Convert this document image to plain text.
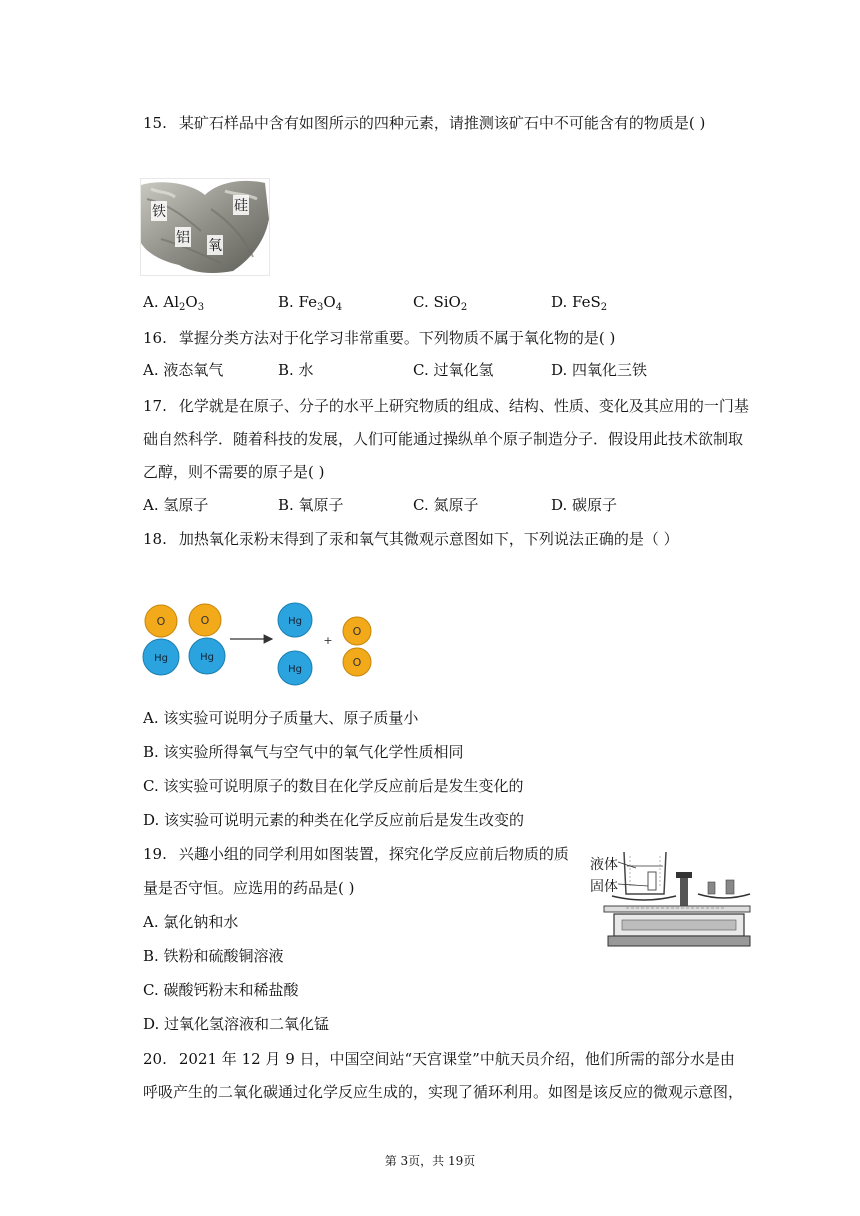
15. 某矿石样品中含有如图所示的四种元素，请推测该矿石中不可能含有的物质是( )
铁	硅
铝 氧
A. $Al_2O_3$	B. $Fe_3O_4$	C. SiO$_2$	D. FeS$_2$
16. 掌握分类方法对于化学习非常重要。下列物质不属于氧化物的是( )
A. 液态氧气	B. 水	C. 过氧化氢	D. 四氧化三铁
17. 化学就是在原子、分子的水平上研究物质的组成、结构、性质、变化及其应用的一门基
础自然科学．随着科技的发展，人们可能通过操纵单个原子制造分子．假设用此技术欲制取
乙醇，则不需要的原子是( )
A. 氢原子	B. 氧原子	C. 氮原子	D. 碳原子
18. 加热氧化汞粉末得到了汞和氧气其微观示意图如下，下列说法正确的是（ ）
O
Hg
O
Hg
Hg
Hg
+
O
O
A. 该实验可说明分子质量大、原子质量小
B. 该实验所得氧气与空气中的氧气化学性质相同
C. 该实验可说明原子的数目在化学反应前后是发生变化的
D. 该实验可说明元素的种类在化学反应前后是发生改变的
19. 兴趣小组的同学利用如图装置，探究化学反应前后物质的质
量是否守恒。应选用的药品是( )
液体
固体
A. 氯化钠和水
B. 铁粉和硫酸铜溶液
C. 碳酸钙粉末和稀盐酸
D. 过氧化氢溶液和二氧化锰
20. 2021 年 12 月 9 日，中国空间站“天宫课堂”中航天员介绍，他们所需的部分水是由
呼吸产生的二氧化碳通过化学反应生成的，实现了循环利用。如图是该反应的微观示意图，
第 3页，共 19页
